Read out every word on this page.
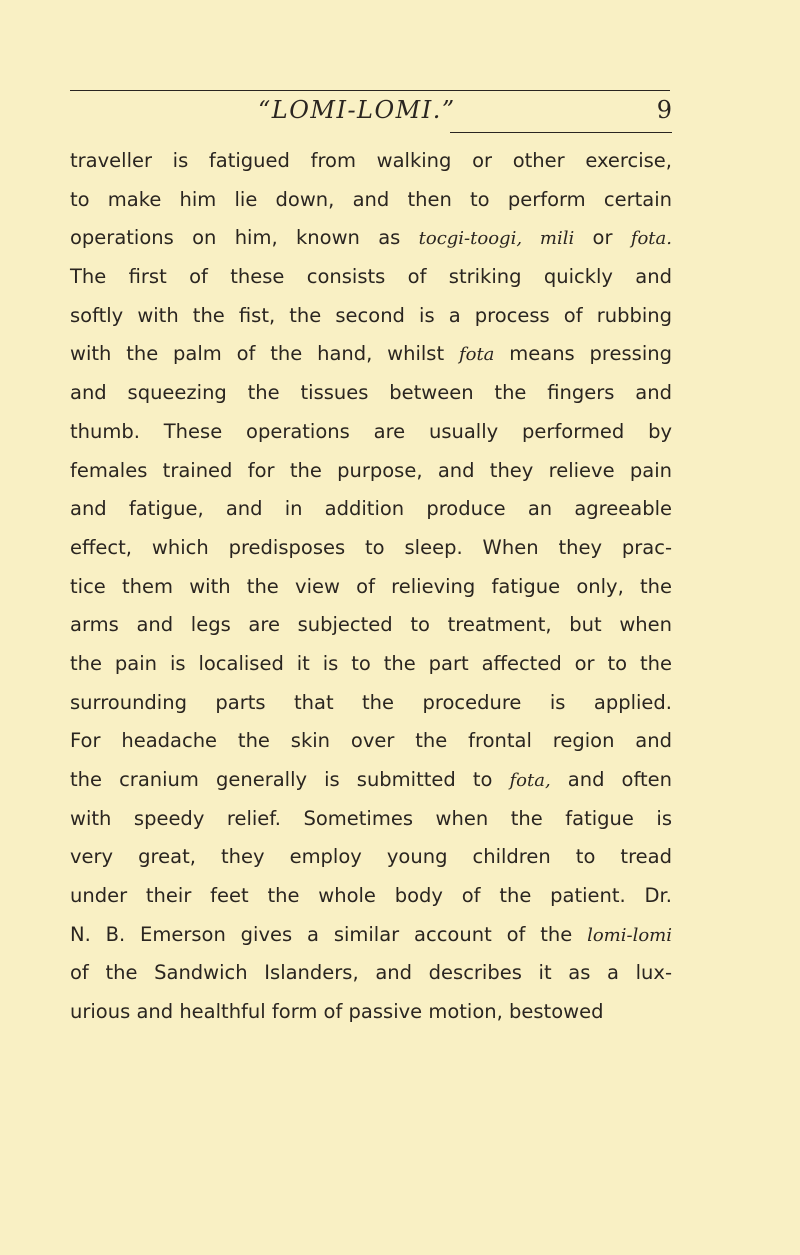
“LOMI-LOMI.”	9
traveller is fatigued from walking or other exercise,
to make him lie down, and then to perform certain
operations on him, known as tocgi-toogi, mili or fota.
The first of these consists of striking quickly and
softly with the fist, the second is a process of rubbing
with the palm of the hand, whilst fota means pressing
and squeezing the tissues between the fingers and
thumb. These operations are usually performed by
females trained for the purpose, and they relieve pain
and fatigue, and in addition produce an agreeable
effect, which predisposes to sleep. When they prac-
tice them with the view of relieving fatigue only, the
arms and legs are subjected to treatment, but when
the pain is localised it is to the part affected or to the
surrounding parts that the procedure is applied.
For headache the skin over the frontal region and
the cranium generally is submitted to fota, and often
with speedy relief. Sometimes when the fatigue is
very great, they employ young children to tread
under their feet the whole body of the patient. Dr.
N. B. Emerson gives a similar account of the lomi-lomi
of the Sandwich Islanders, and describes it as a lux-
urious and healthful form of passive motion, bestowed
